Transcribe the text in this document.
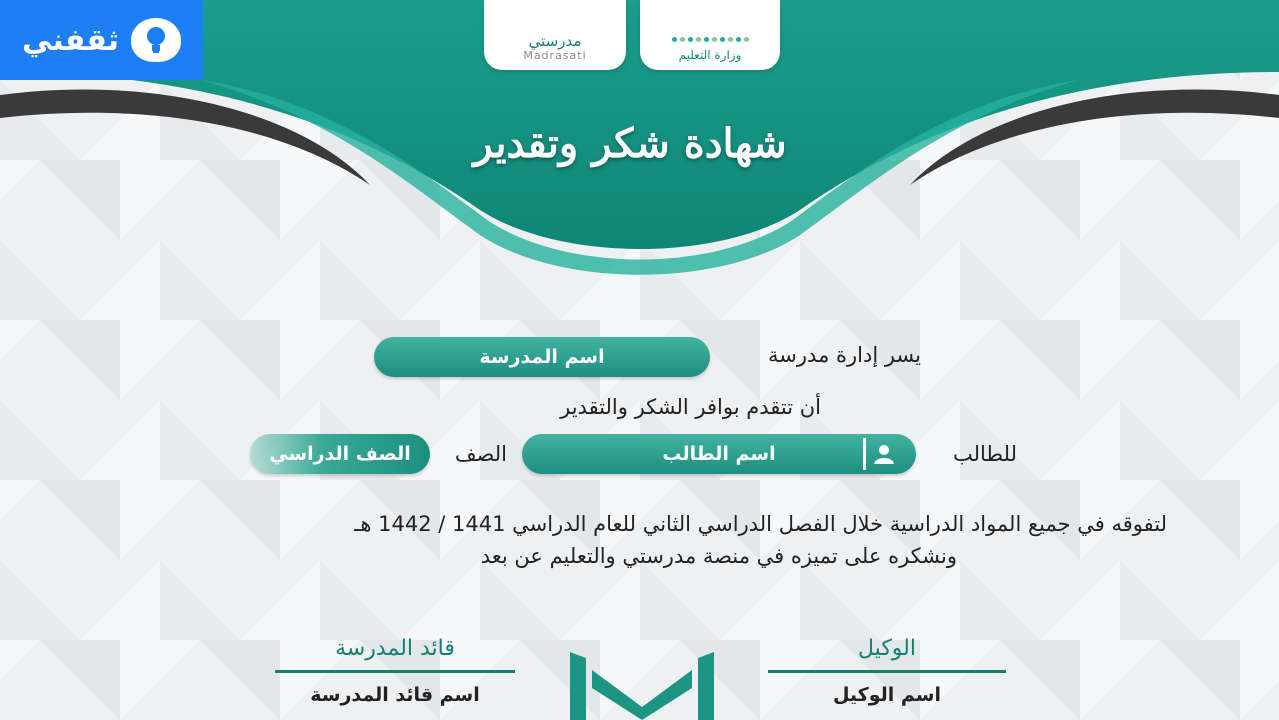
ثقفني	مدرستي
Madrasati	وزارة التعليم
شهادة شكر وتقدير
يسر إدارة مدرسة
اسم المدرسة
أن تتقدم بوافر الشكر والتقدير
للطالب
اسم الطالب
الصف
الصف الدراسي
لتفوقه في جميع المواد الدراسية خلال الفصل الدراسي الثاني للعام الدراسي 1441 / 1442 هـ
ونشكره على تميزه في منصة مدرستي والتعليم عن بعد
قائد المدرسة
اسم قائد المدرسة
الوكيل
اسم الوكيل
